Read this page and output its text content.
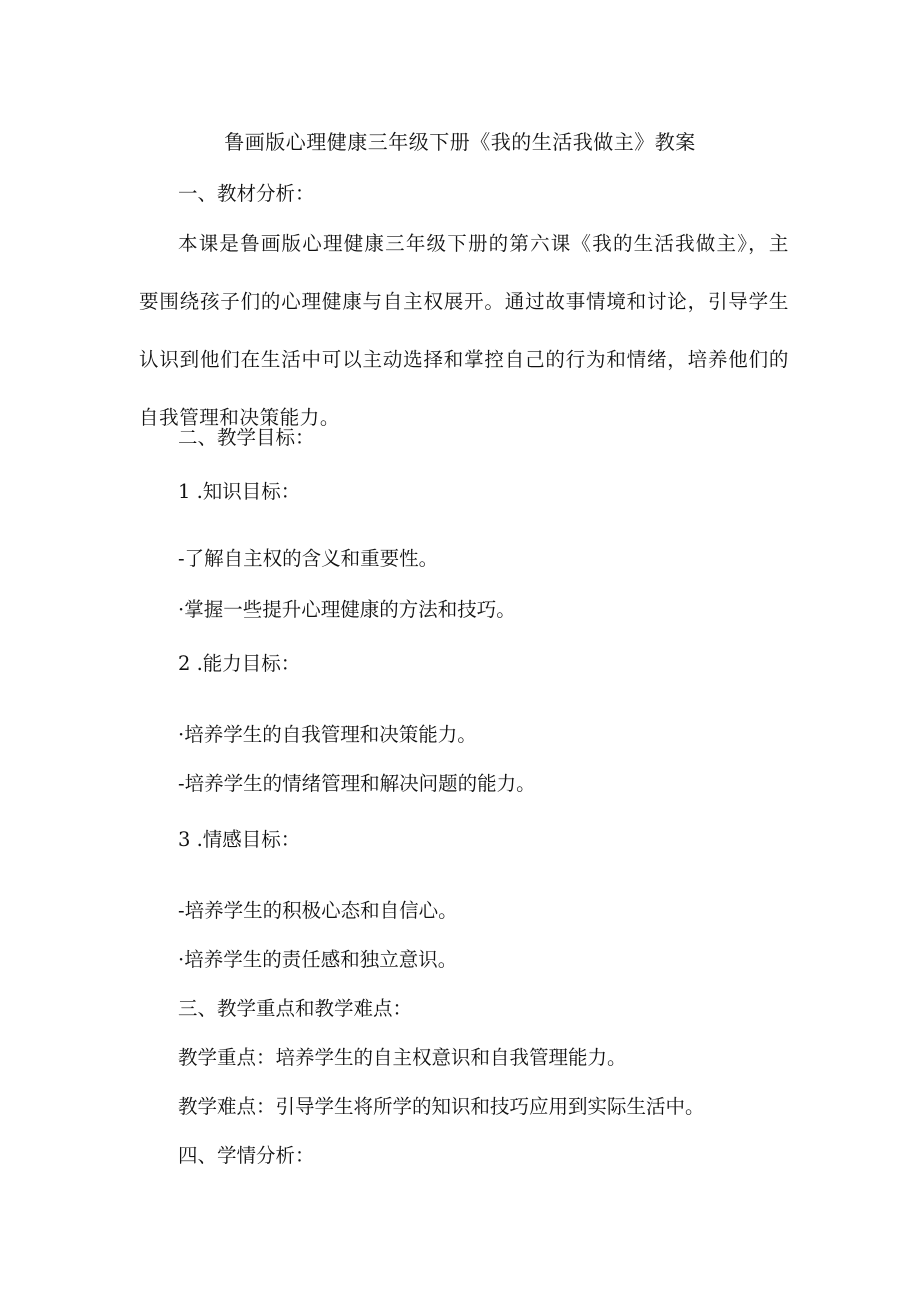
鲁画版心理健康三年级下册《我的生活我做主》教案
一、教材分析：
本课是鲁画版心理健康三年级下册的第六课《我的生活我做主》，主要围绕孩子们的心理健康与自主权展开。通过故事情境和讨论，引导学生认识到他们在生活中可以主动选择和掌控自己的行为和情绪，培养他们的自我管理和决策能力。
二、教学目标：
1 .知识目标：
-了解自主权的含义和重要性。
·掌握一些提升心理健康的方法和技巧。
2 .能力目标：
·培养学生的自我管理和决策能力。
-培养学生的情绪管理和解决问题的能力。
3 .情感目标：
-培养学生的积极心态和自信心。
·培养学生的责任感和独立意识。
三、教学重点和教学难点：
教学重点：培养学生的自主权意识和自我管理能力。
教学难点：引导学生将所学的知识和技巧应用到实际生活中。
四、学情分析：
